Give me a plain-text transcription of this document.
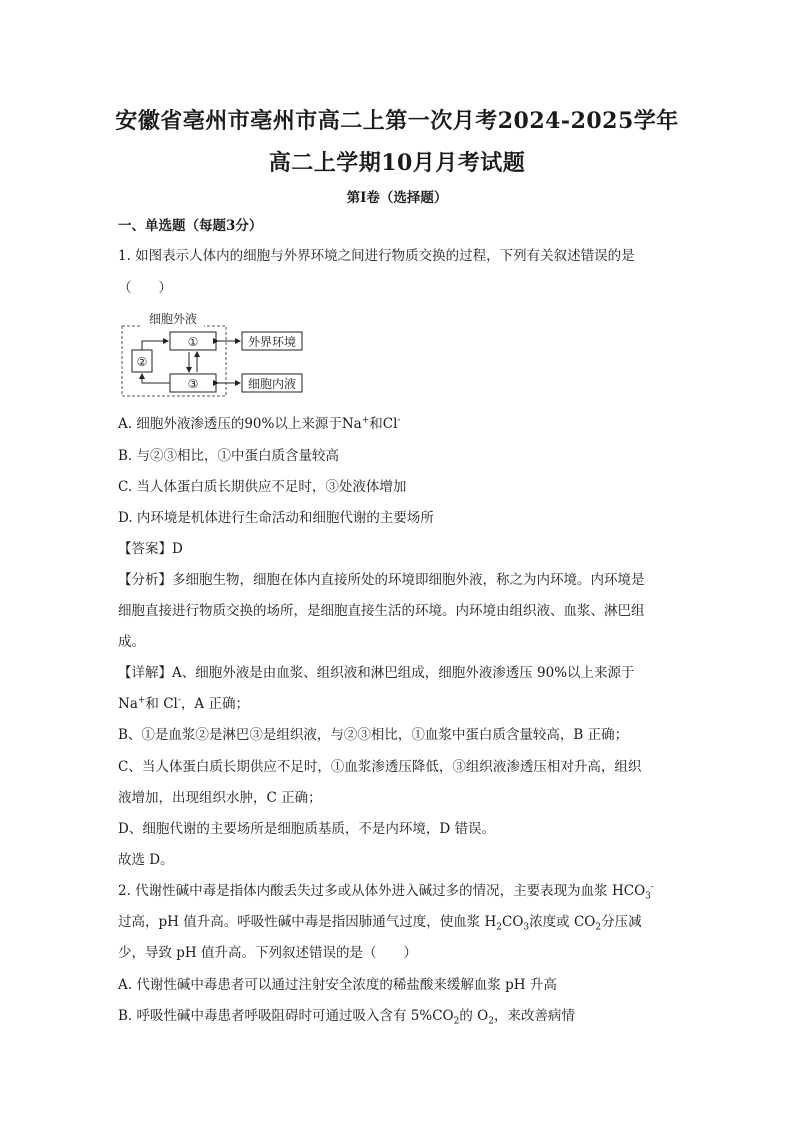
安徽省亳州市亳州市高二上第一次月考2024-2025学年
高二上学期10月月考试题
第I卷（选择题）
一、单选题（每题3分）
1. 如图表示人体内的细胞与外界环境之间进行物质交换的过程，下列有关叙述错误的是
（　　）
细胞外液
①
②
③
外界环境
细胞内液
A. 细胞外液渗透压的90%以上来源于Na+和Cl-
B. 与②③相比，①中蛋白质含量较高
C. 当人体蛋白质长期供应不足时，③处液体增加
D. 内环境是机体进行生命活动和细胞代谢的主要场所
【答案】D
【分析】多细胞生物，细胞在体内直接所处的环境即细胞外液，称之为内环境。内环境是
细胞直接进行物质交换的场所，是细胞直接生活的环境。内环境由组织液、血浆、淋巴组
成。
【详解】A、细胞外液是由血浆、组织液和淋巴组成，细胞外液渗透压 90%以上来源于
Na+和 Cl-，A 正确；
B、①是血浆②是淋巴③是组织液，与②③相比，①血浆中蛋白质含量较高，B 正确；
C、当人体蛋白质长期供应不足时，①血浆渗透压降低，③组织液渗透压相对升高，组织
液增加，出现组织水肿，C 正确；
D、细胞代谢的主要场所是细胞质基质，不是内环境，D 错误。
故选 D。
2. 代谢性碱中毒是指体内酸丢失过多或从体外进入碱过多的情况，主要表现为血浆 $HCO_3^-$
过高，pH 值升高。呼吸性碱中毒是指因肺通气过度，使血浆 $H_2CO_3$浓度或 $CO_2$分压减
少，导致 pH 值升高。下列叙述错误的是（　　）
A. 代谢性碱中毒患者可以通过注射安全浓度的稀盐酸来缓解血浆 pH 升高
B. 呼吸性碱中毒患者呼吸阻碍时可通过吸入含有 $5\%CO_2$的 $O_2$，来改善病情
